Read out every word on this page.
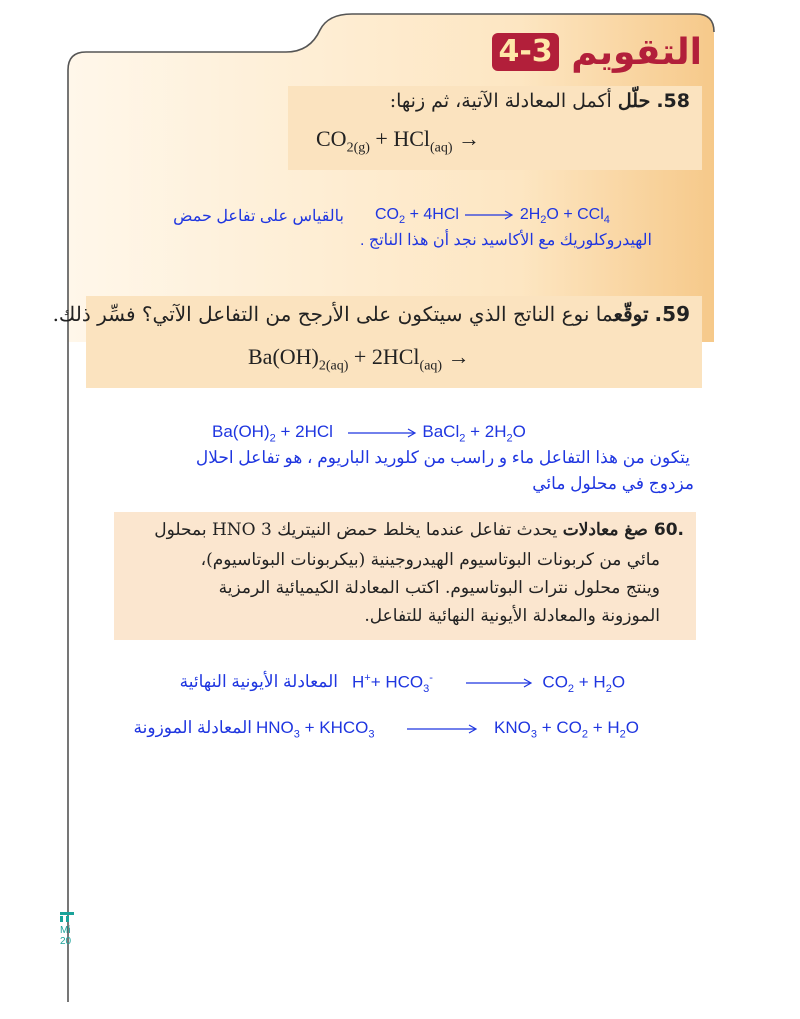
التقويم 4-3
58.حلّل أكمل المعادلة الآتية، ثم زنها:
$CO_{2(g)} + HCl_{(aq)}$ →
$CO_2 + 4HCl \to 2H_2O + CCl_4$
بالقياس على تفاعل حمض
الهيدروكلوريك مع الأكاسيد نجد أن هذا الناتج .
59.توقّعما نوع الناتج الذي سيتكون على الأرجح من التفاعل الآتي؟ فسِّر ذلك.
$Ba(OH)_{2(aq)} + 2HCl_{(aq)}$ →
$Ba(OH)_2 + 2HCl$	BaCl$_2$ + $2H_2O$
يتكون من هذا التفاعل ماء و راسب من كلوريد الباريوم ، هو تفاعل احلال
مزدوج في محلول مائي
.60صغ معادلات يحدث تفاعل عندما يخلط حمض النيتريك HNO 3 بمحلول
مائي من كربونات البوتاسيوم الهيدروجينية (بيكربونات البوتاسيوم)،
وينتج محلول نترات البوتاسيوم. اكتب المعادلة الكيميائية الرمزية
الموزونة والمعادلة الأيونية النهائية للتفاعل.
المعادلة الأيونية النهائية $H^++ HCO_3^-$	$CO_2 + H_2O$
المعادلة الموزونة $HNO_3$ + $KHCO_3$	$KNO_3 + CO_2 + H_2O$

Mi
20
